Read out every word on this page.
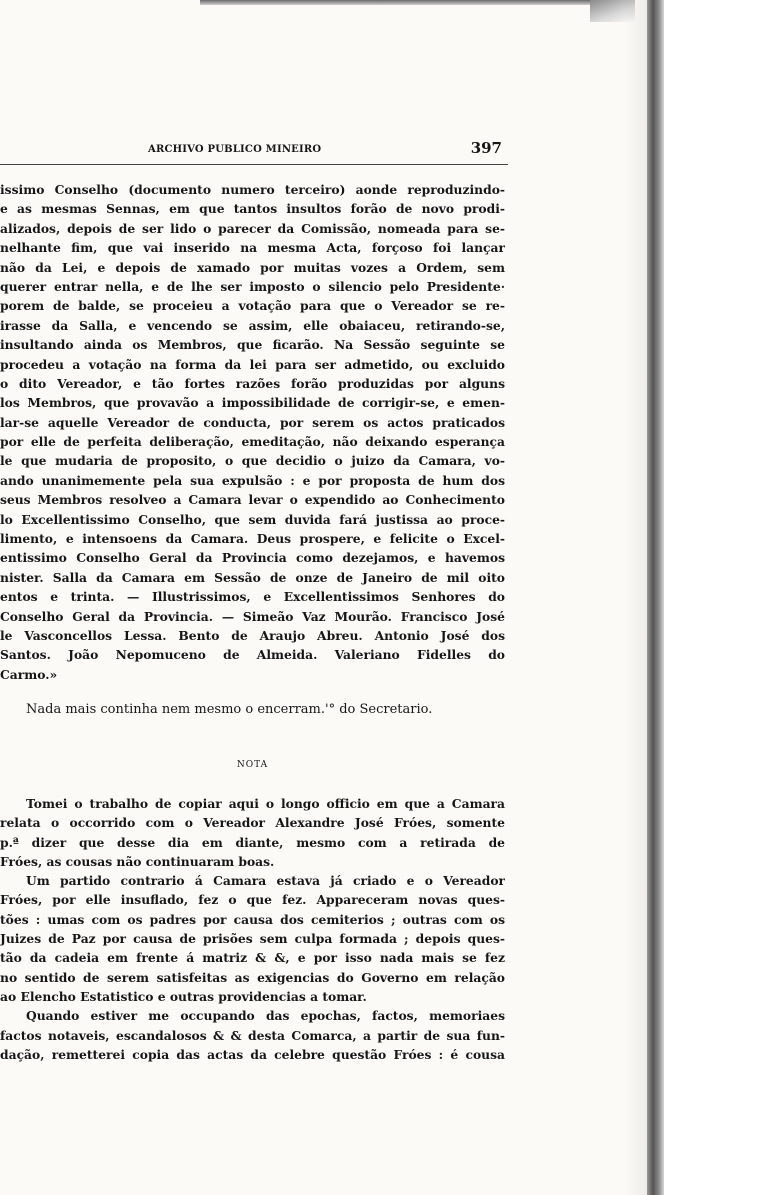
ARCHIVO PUBLICO MINEIRO	397
issimo Conselho (documento numero terceiro) aonde reproduzindo-
e as mesmas Sennas, em que tantos insultos forão de novo prodi-
alizados, depois de ser lido o parecer da Comissão, nomeada para se-
nelhante fim, que vai inserido na mesma Acta, forçoso foi lançar
não da Lei, e depois de xamado por muitas vozes a Ordem, sem
querer entrar nella, e de lhe ser imposto o silencio pelo Presidente·
porem de balde, se proceieu a votação para que o Vereador se re-
irasse da Salla, e vencendo se assim, elle obaiaceu, retirando-se,
insultando ainda os Membros, que ficarão. Na Sessão seguinte se
procedeu a votação na forma da lei para ser admetido, ou excluido
o dito Vereador, e tão fortes razões forão produzidas por alguns
los Membros, que provavão a impossibilidade de corrigir-se, e emen-
lar-se aquelle Vereador de conducta, por serem os actos praticados
por elle de perfeita deliberação, emeditação, não deixando esperança
le que mudaria de proposito, o que decidio o juizo da Camara, vo-
ando unanimemente pela sua expulsão : e por proposta de hum dos
seus Membros resolveo a Camara levar o expendido ao Conhecimento
lo Excellentissimo Conselho, que sem duvida fará justissa ao proce-
limento, e intensoens da Camara. Deus prospere, e felicite o Excel-
entissimo Conselho Geral da Provincia como dezejamos, e havemos
nister. Salla da Camara em Sessão de onze de Janeiro de mil oito
entos e trinta. — Illustrissimos, e Excellentissimos Senhores do
Conselho Geral da Provincia. — Simeão Vaz Mourão. Francisco José
le Vasconcellos Lessa. Bento de Araujo Abreu. Antonio José dos
Santos. João Nepomuceno de Almeida. Valeriano Fidelles do
Carmo.»
Nada mais continha nem mesmo o encerram.'° do Secretario.
NOTA
Tomei o trabalho de copiar aqui o longo officio em que a Camara
relata o occorrido com o Vereador Alexandre José Fróes, somente
p.ª dizer que desse dia em diante, mesmo com a retirada de
Fróes, as cousas não continuaram boas.
Um partido contrario á Camara estava já criado e o Vereador
Fróes, por elle insuflado, fez o que fez. Appareceram novas ques-
tões : umas com os padres por causa dos cemiterios ; outras com os
Juizes de Paz por causa de prisões sem culpa formada ; depois ques-
tão da cadeia em frente á matriz & &, e por isso nada mais se fez
no sentido de serem satisfeitas as exigencias do Governo em relação
ao Elencho Estatistico e outras providencias a tomar.
Quando estiver me occupando das epochas, factos, memoriaes
factos notaveis, escandalosos & & desta Comarca, a partir de sua fun-
dação, remetterei copia das actas da celebre questão Fróes : é cousa
